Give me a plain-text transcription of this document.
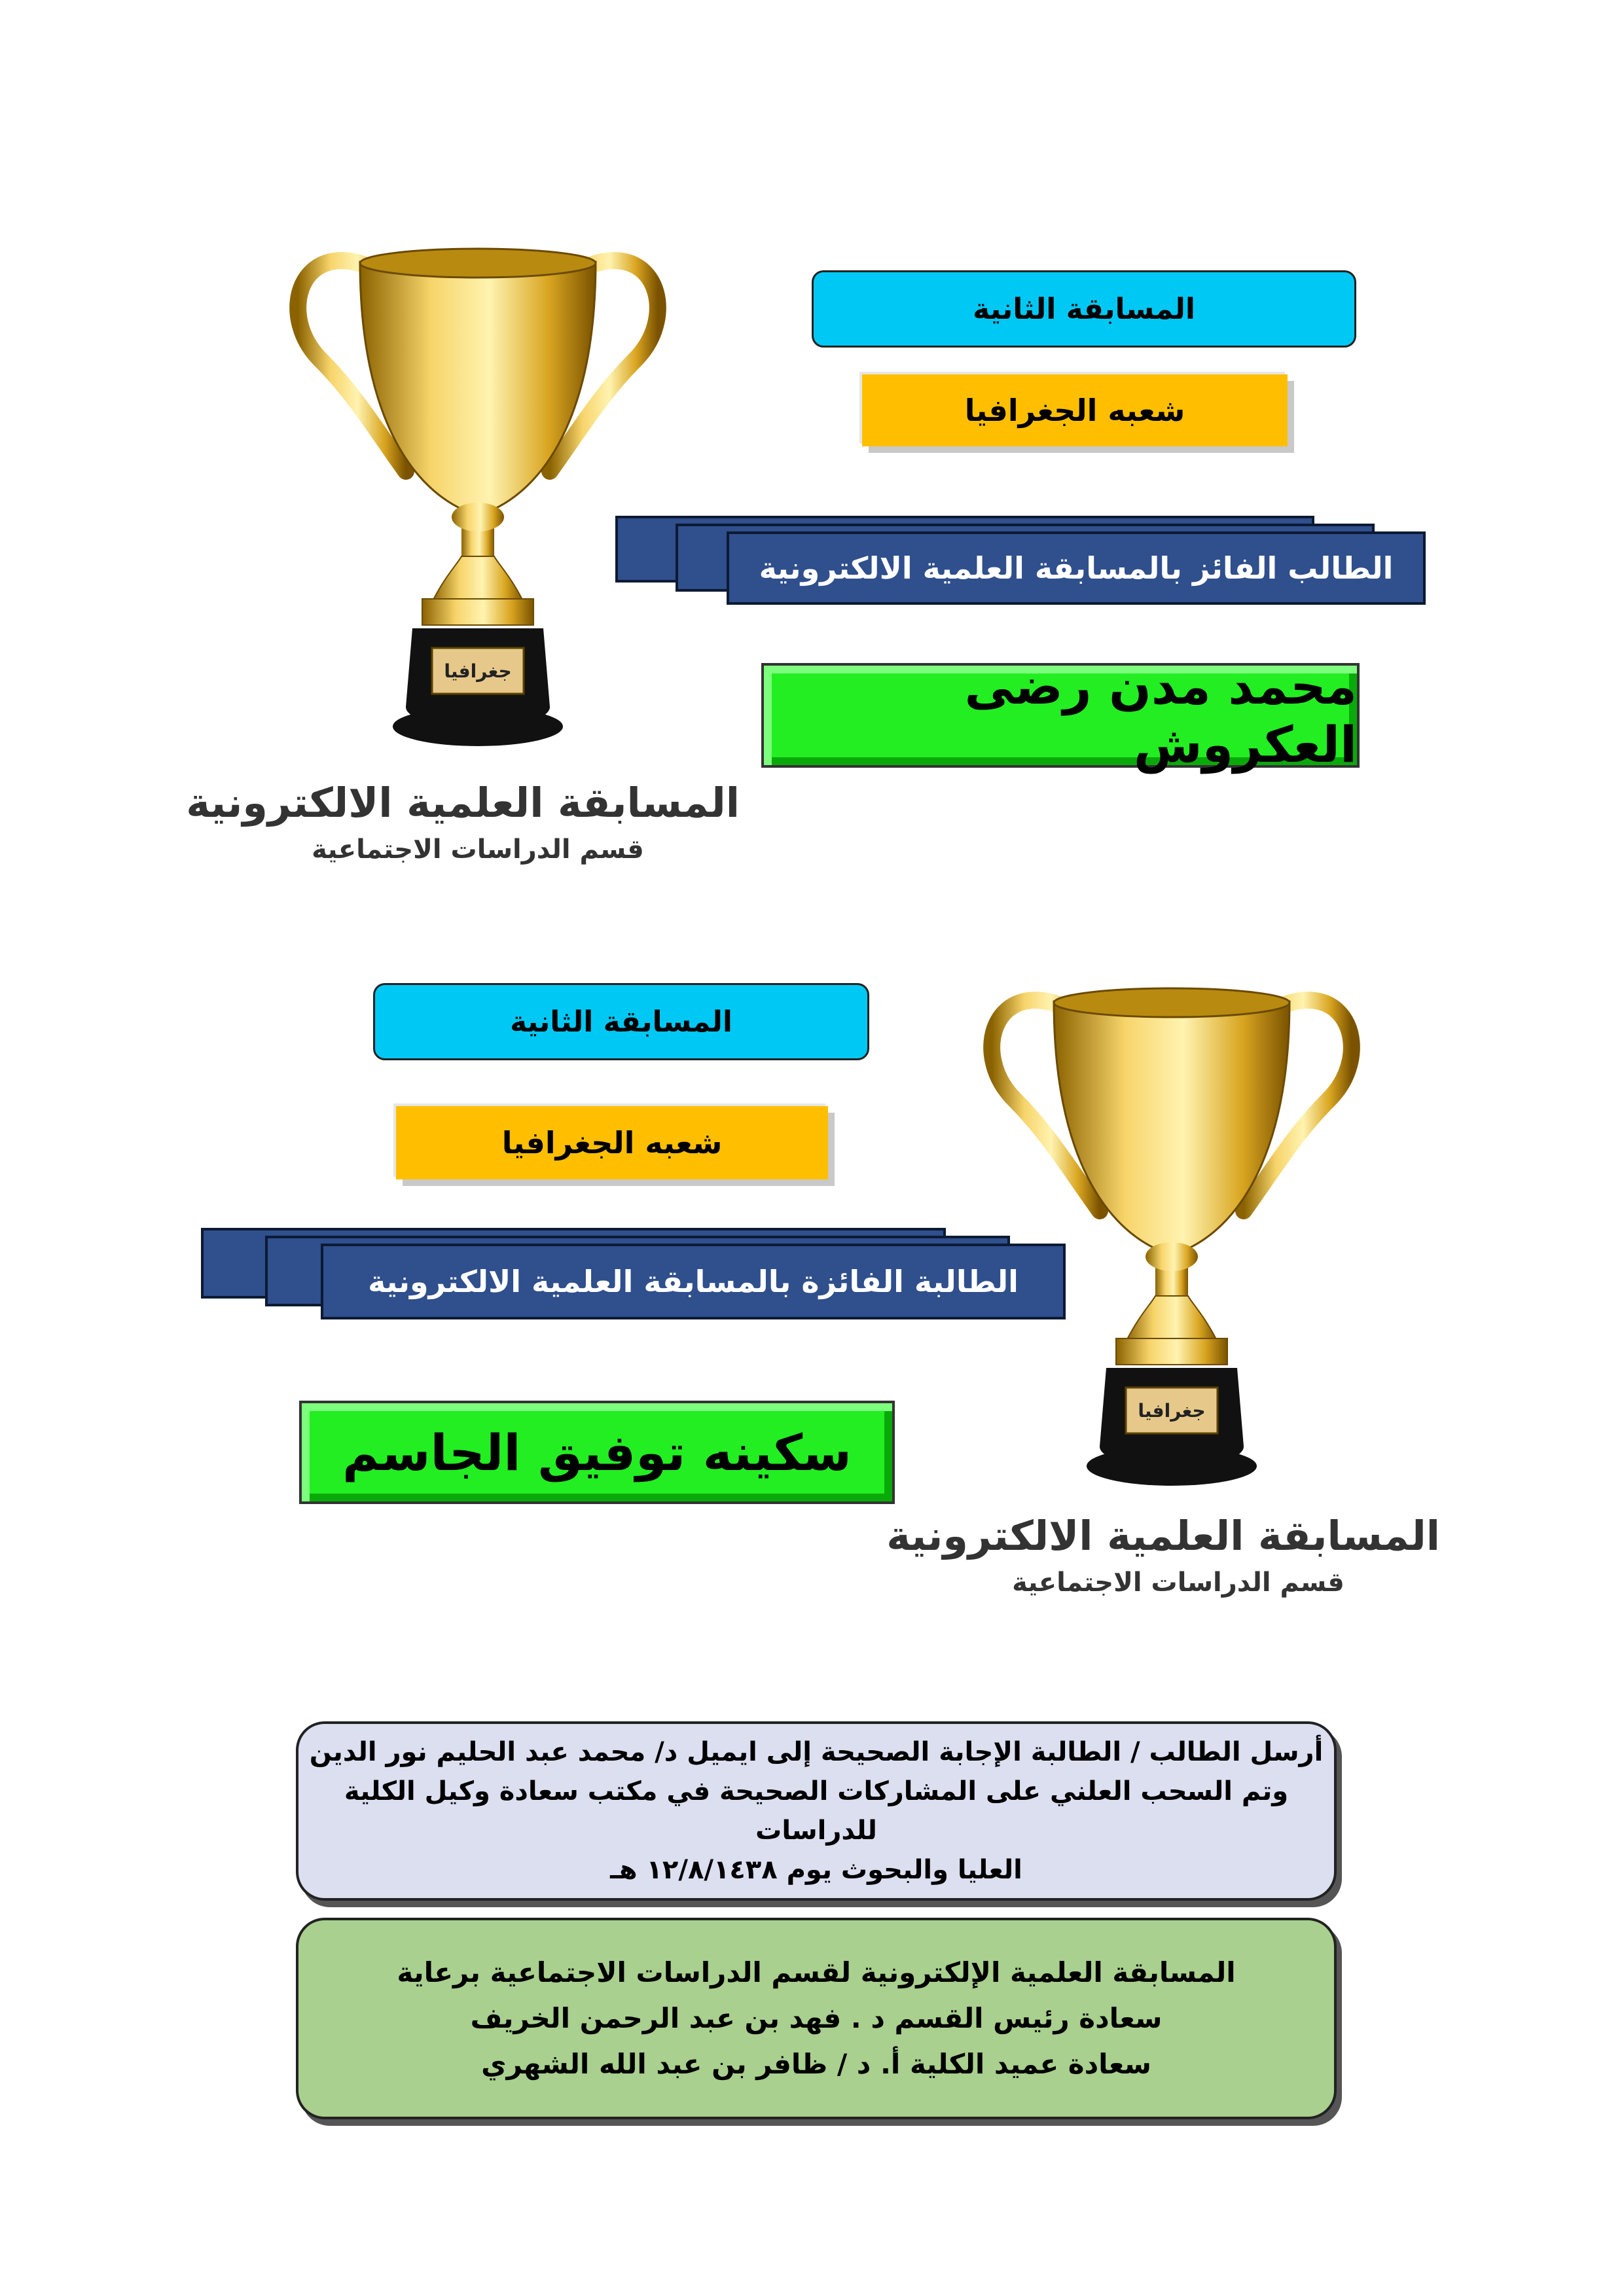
جغرافيا
المسابقة العلمية الالكترونية
قسم الدراسات الاجتماعية
المسابقة الثانية
شعبه الجغرافيا
الطالب الفائز بالمسابقة العلمية الالكترونية
محمد مدن رضى العكروش
المسابقة الثانية
شعبه الجغرافيا
الطالبة الفائزة بالمسابقة العلمية الالكترونية
سكينه توفيق الجاسم
جغرافيا
المسابقة العلمية الالكترونية
قسم الدراسات الاجتماعية
أرسل الطالب / الطالبة الإجابة الصحيحة إلى ايميل د/ محمد عبد الحليم نور الدين
وتم السحب العلني على المشاركات الصحيحة في مكتب سعادة وكيل الكلية للدراسات
العليا والبحوث يوم ١٢/٨/١٤٣٨ هـ
المسابقة العلمية الإلكترونية لقسم الدراسات الاجتماعية برعاية
سعادة رئيس القسم د . فهد بن عبد الرحمن الخريف
سعادة عميد الكلية أ. د / ظافر بن عبد الله الشهري
